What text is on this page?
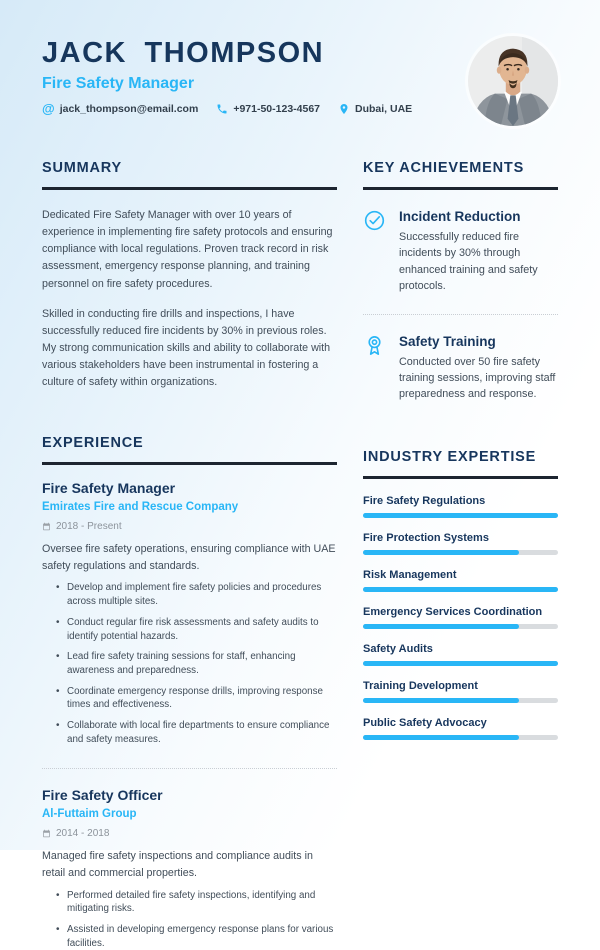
JACK THOMPSON
Fire Safety Manager
@ jack_thompson@email.com	+971-50-123-4567	Dubai, UAE
SUMMARY

Dedicated Fire Safety Manager with over 10 years of experience in implementing fire safety protocols and ensuring compliance with local regulations. Proven track record in risk assessment, emergency response planning, and training personnel on fire safety procedures.

Skilled in conducting fire drills and inspections, I have successfully reduced fire incidents by 30% in previous roles. My strong communication skills and ability to collaborate with various stakeholders have been instrumental in fostering a culture of safety within organizations.

EXPERIENCE
Fire Safety Manager
Emirates Fire and Rescue Company
2018 - Present

Oversee fire safety operations, ensuring compliance with UAE safety regulations and standards.

• Develop and implement fire safety policies and procedures across multiple sites.
• Conduct regular fire risk assessments and safety audits to identify potential hazards.
• Lead fire safety training sessions for staff, enhancing awareness and preparedness.
• Coordinate emergency response drills, improving response times and effectiveness.
• Collaborate with local fire departments to ensure compliance and safety measures.
Fire Safety Officer
Al-Futtaim Group
2014 - 2018

Managed fire safety inspections and compliance audits in retail and commercial properties.

• Performed detailed fire safety inspections, identifying and mitigating risks.
• Assisted in developing emergency response plans for various facilities.
KEY ACHIEVEMENTS
Incident Reduction
Successfully reduced fire incidents by 30% through enhanced training and safety protocols.
Safety Training
Conducted over 50 fire safety training sessions, improving staff preparedness and response.
INDUSTRY EXPERTISE
Fire Safety Regulations
Fire Protection Systems
Risk Management
Emergency Services Coordination
Safety Audits
Training Development
Public Safety Advocacy
